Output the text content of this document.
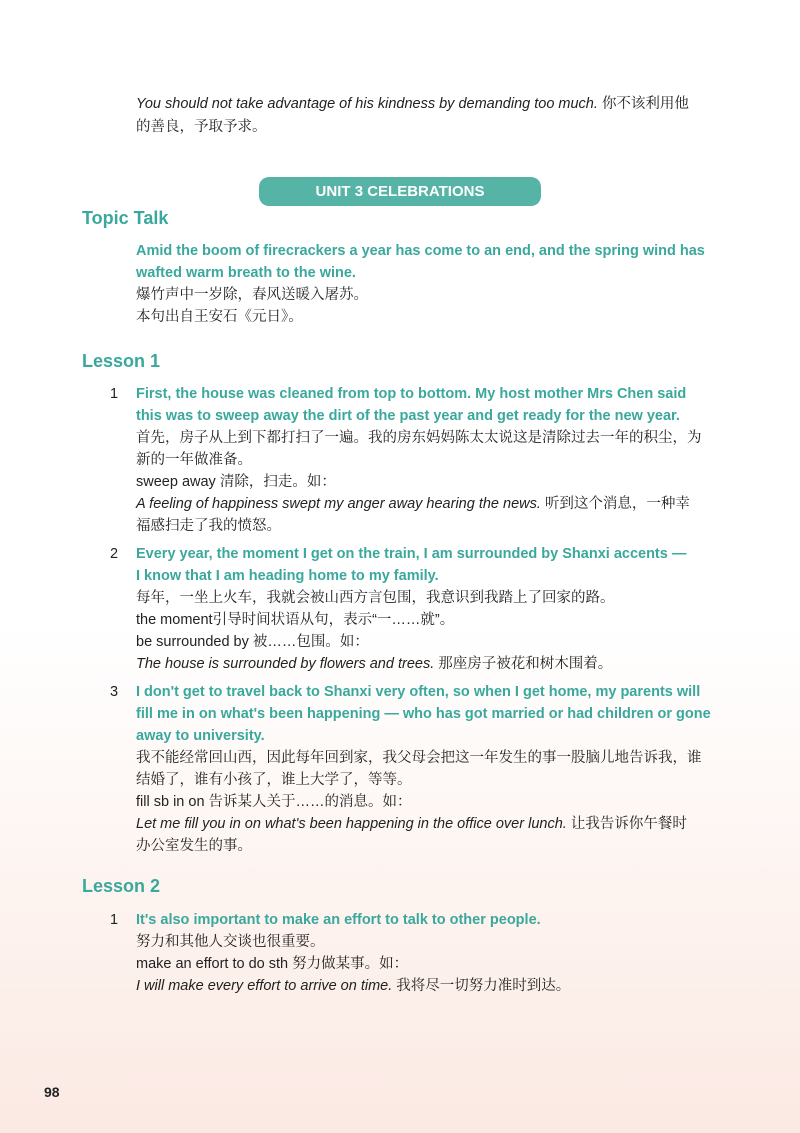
You should not take advantage of his kindness by demanding too much. 你不该利用他
的善良，予取予求。
UNIT 3 CELEBRATIONS
Topic Talk
Amid the boom of firecrackers a year has come to an end, and the spring wind has
wafted warm breath to the wine.
爆竹声中一岁除，春风送暖入屠苏。
本句出自王安石《元日》。
Lesson 1
1 First, the house was cleaned from top to bottom. My host mother Mrs Chen said
this was to sweep away the dirt of the past year and get ready for the new year.
首先，房子从上到下都打扫了一遍。我的房东妈妈陈太太说这是清除过去一年的积尘，为
新的一年做准备。
sweep away 清除，扫走。如：
A feeling of happiness swept my anger away hearing the news. 听到这个消息，一种幸
福感扫走了我的愤怒。
2 Every year, the moment I get on the train, I am surrounded by Shanxi accents —
I know that I am heading home to my family.
每年，一坐上火车，我就会被山西方言包围，我意识到我踏上了回家的路。
the moment引导时间状语从句，表示“一……就”。
be surrounded by 被……包围。如：
The house is surrounded by flowers and trees. 那座房子被花和树木围着。
3 I don't get to travel back to Shanxi very often, so when I get home, my parents will
fill me in on what's been happening — who has got married or had children or gone
away to university.
我不能经常回山西，因此每年回到家，我父母会把这一年发生的事一股脑儿地告诉我，谁
结婚了，谁有小孩了，谁上大学了，等等。
fill sb in on 告诉某人关于……的消息。如：
Let me fill you in on what's been happening in the office over lunch. 让我告诉你午餐时
办公室发生的事。
Lesson 2
1 It's also important to make an effort to talk to other people.
努力和其他人交谈也很重要。
make an effort to do sth 努力做某事。如：
I will make every effort to arrive on time. 我将尽一切努力准时到达。
98
